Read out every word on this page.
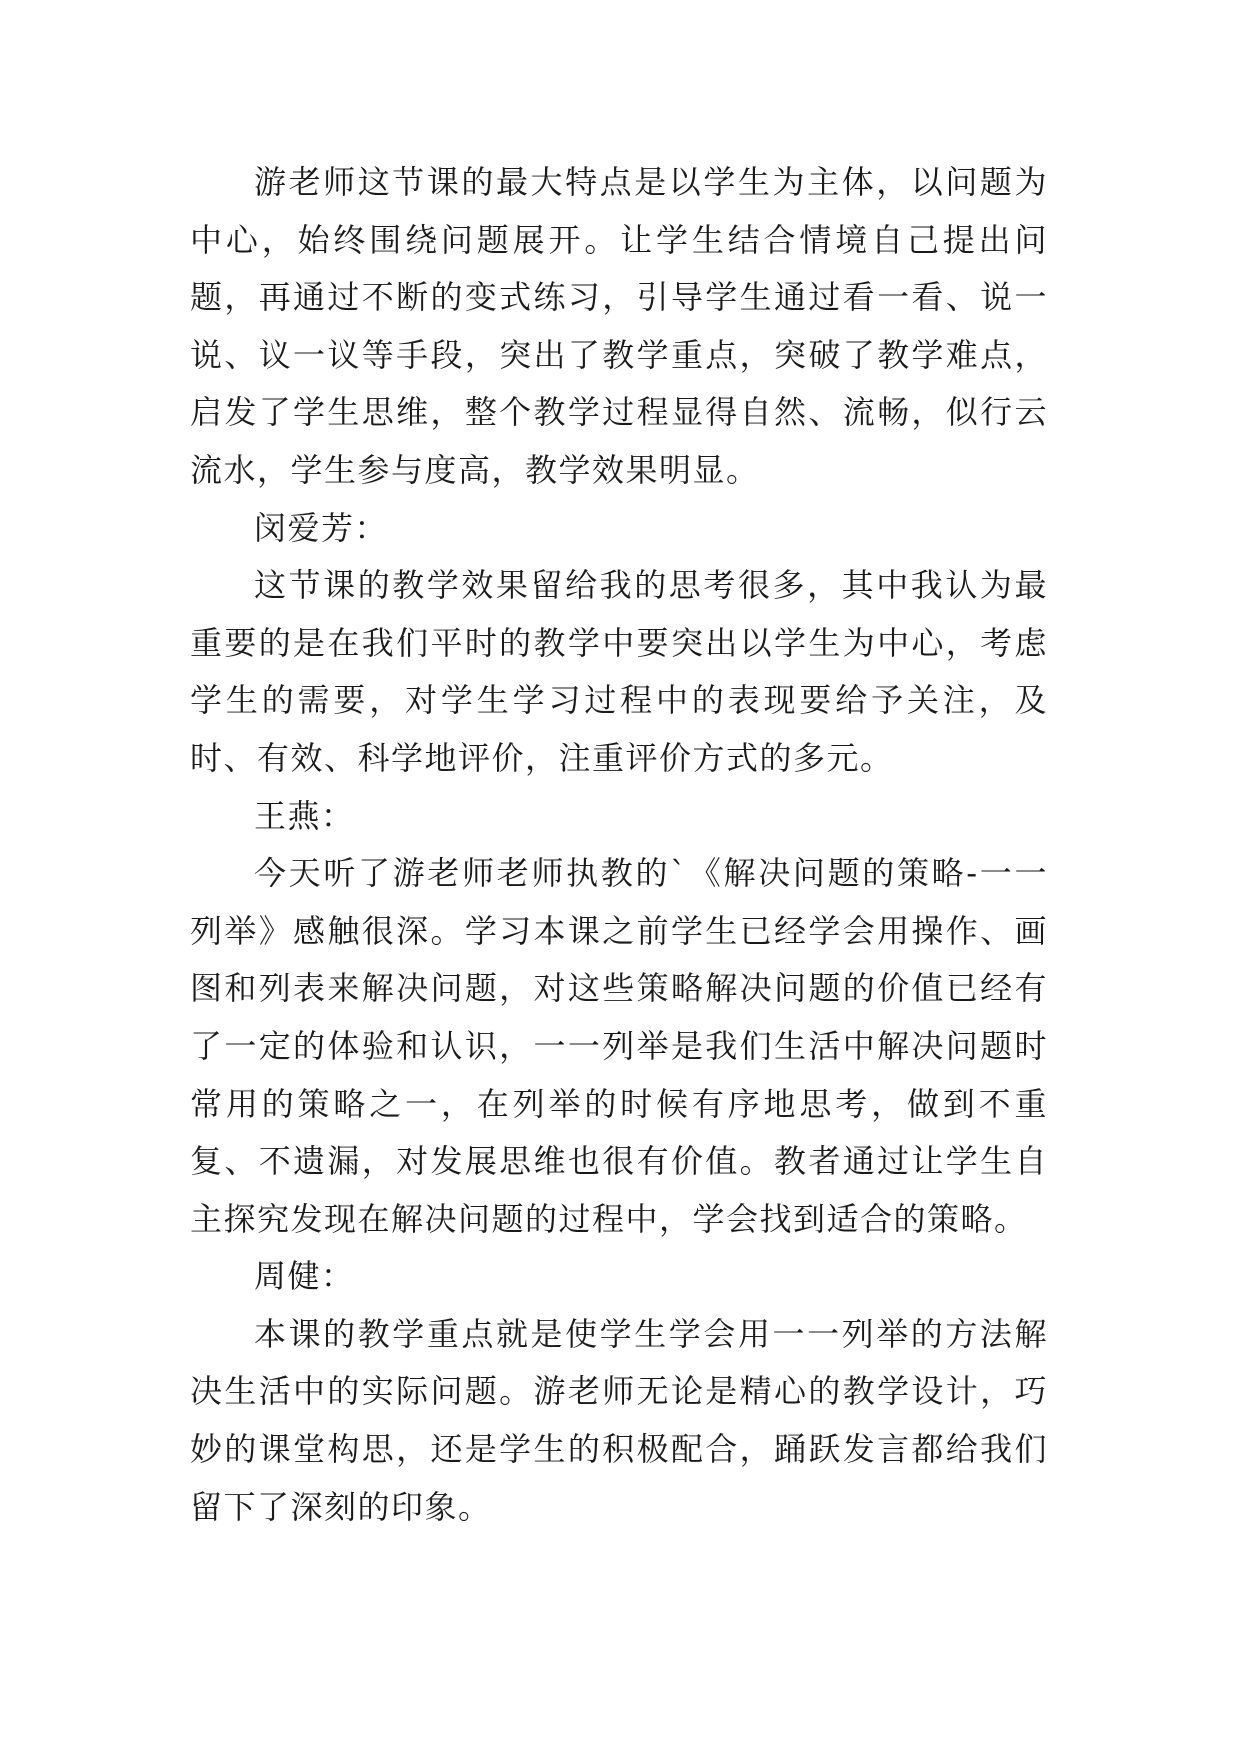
游老师这节课的最大特点是以学生为主体，以问题为中心，始终围绕问题展开。让学生结合情境自己提出问题，再通过不断的变式练习，引导学生通过看一看、说一说、议一议等手段，突出了教学重点，突破了教学难点，启发了学生思维，整个教学过程显得自然、流畅，似行云流水，学生参与度高，教学效果明显。

闵爱芳：

这节课的教学效果留给我的思考很多，其中我认为最重要的是在我们平时的教学中要突出以学生为中心，考虑学生的需要，对学生学习过程中的表现要给予关注，及时、有效、科学地评价，注重评价方式的多元。

王燕：

今天听了游老师老师执教的`《解决问题的策略-一一列举》感触很深。学习本课之前学生已经学会用操作、画图和列表来解决问题，对这些策略解决问题的价值已经有了一定的体验和认识，一一列举是我们生活中解决问题时常用的策略之一，在列举的时候有序地思考，做到不重复、不遗漏，对发展思维也很有价值。教者通过让学生自主探究发现在解决问题的过程中，学会找到适合的策略。

周健：

本课的教学重点就是使学生学会用一一列举的方法解决生活中的实际问题。游老师无论是精心的教学设计，巧妙的课堂构思，还是学生的积极配合，踊跃发言都给我们留下了深刻的印象。
